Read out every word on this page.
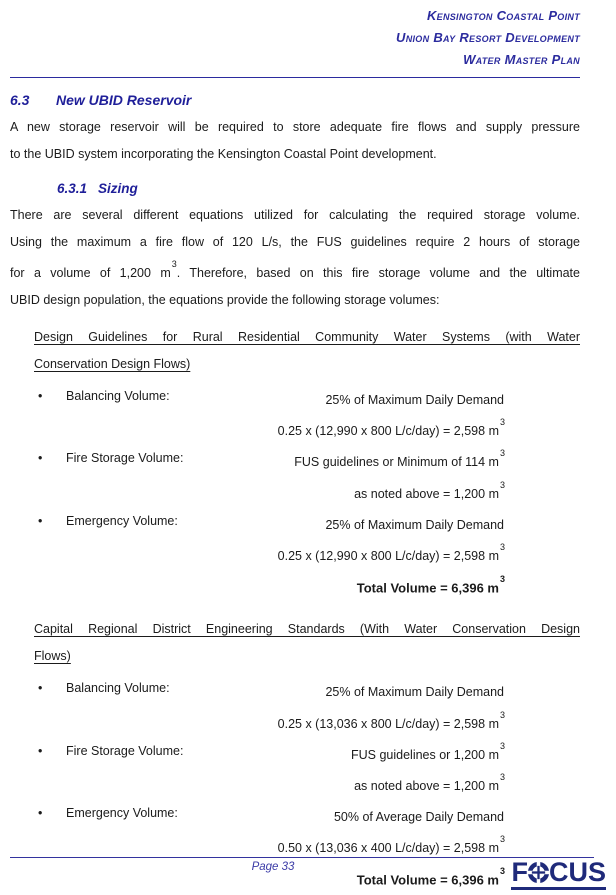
Kensington Coastal Point
Union Bay Resort Development
Water Master Plan
6.3 New UBID Reservoir
A new storage reservoir will be required to store adequate fire flows and supply pressure
to the UBID system incorporating the Kensington Coastal Point development.
6.3.1 Sizing
There are several different equations utilized for calculating the required storage volume.
Using the maximum a fire flow of 120 L/s, the FUS guidelines require 2 hours of storage
for a volume of 1,200 $m^3$. Therefore, based on this fire storage volume and the ultimate
UBID design population, the equations provide the following storage volumes:
Design Guidelines for Rural Residential Community Water Systems (with Water
Conservation Design Flows)
• Balancing Volume:	25% of Maximum Daily Demand
0.25 x (12,990 x 800 L/c/day) = 2,598 $m^3$
• Fire Storage Volume:	FUS guidelines or Minimum of 114 $m^3$
as noted above = 1,200 $m^3$
• Emergency Volume:	25% of Maximum Daily Demand
0.25 x (12,990 x 800 L/c/day) = 2,598 $m^3$
Total Volume = 6,396 $m^3$
Capital Regional District Engineering Standards (With Water Conservation Design
Flows)
• Balancing Volume:	25% of Maximum Daily Demand
0.25 x (13,036 x 800 L/c/day) = 2,598 $m^3$
• Fire Storage Volume:	FUS guidelines or 1,200 $m^3$
as noted above = 1,200 $m^3$
• Emergency Volume:	50% of Average Daily Demand
0.50 x (13,036 x 400 L/c/day) = 2,598 $m^3$
Total Volume = 6,396 $m^3$
Page 33	F CUS
